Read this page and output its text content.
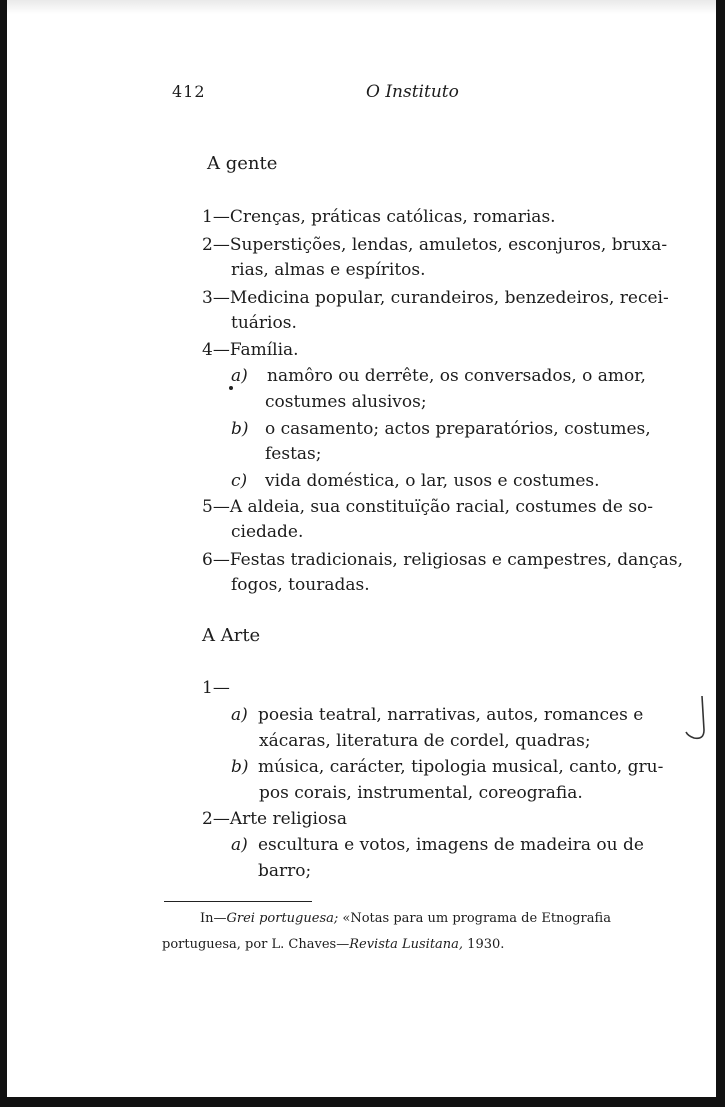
412	O Instituto
A gente
1—Crenças, práticas católicas, romarias.
2—Superstições, lendas, amuletos, esconjuros, bruxa-
rias, almas e espíritos.
3—Medicina popular, curandeiros, benzedeiros, recei-
tuários.
4—Família.
a) namôro ou derrête, os conversados, o amor,
costumes alusivos;
b) o casamento; actos preparatórios, costumes,
festas;
c) vida doméstica, o lar, usos e costumes.
5—A aldeia, sua constituïção racial, costumes de so-
ciedade.
6—Festas tradicionais, religiosas e campestres, danças,
fogos, touradas.
A Arte
1—
a) poesia teatral, narrativas, autos, romances e
xácaras, literatura de cordel, quadras;
b) música, carácter, tipologia musical, canto, gru-
pos corais, instrumental, coreografia.
2—Arte religiosa
a) escultura e votos, imagens de madeira ou de
barro;
In—Grei portuguesa; «Notas para um programa de Etnografia
portuguesa, por L. Chaves—Revista Lusitana, 1930.
